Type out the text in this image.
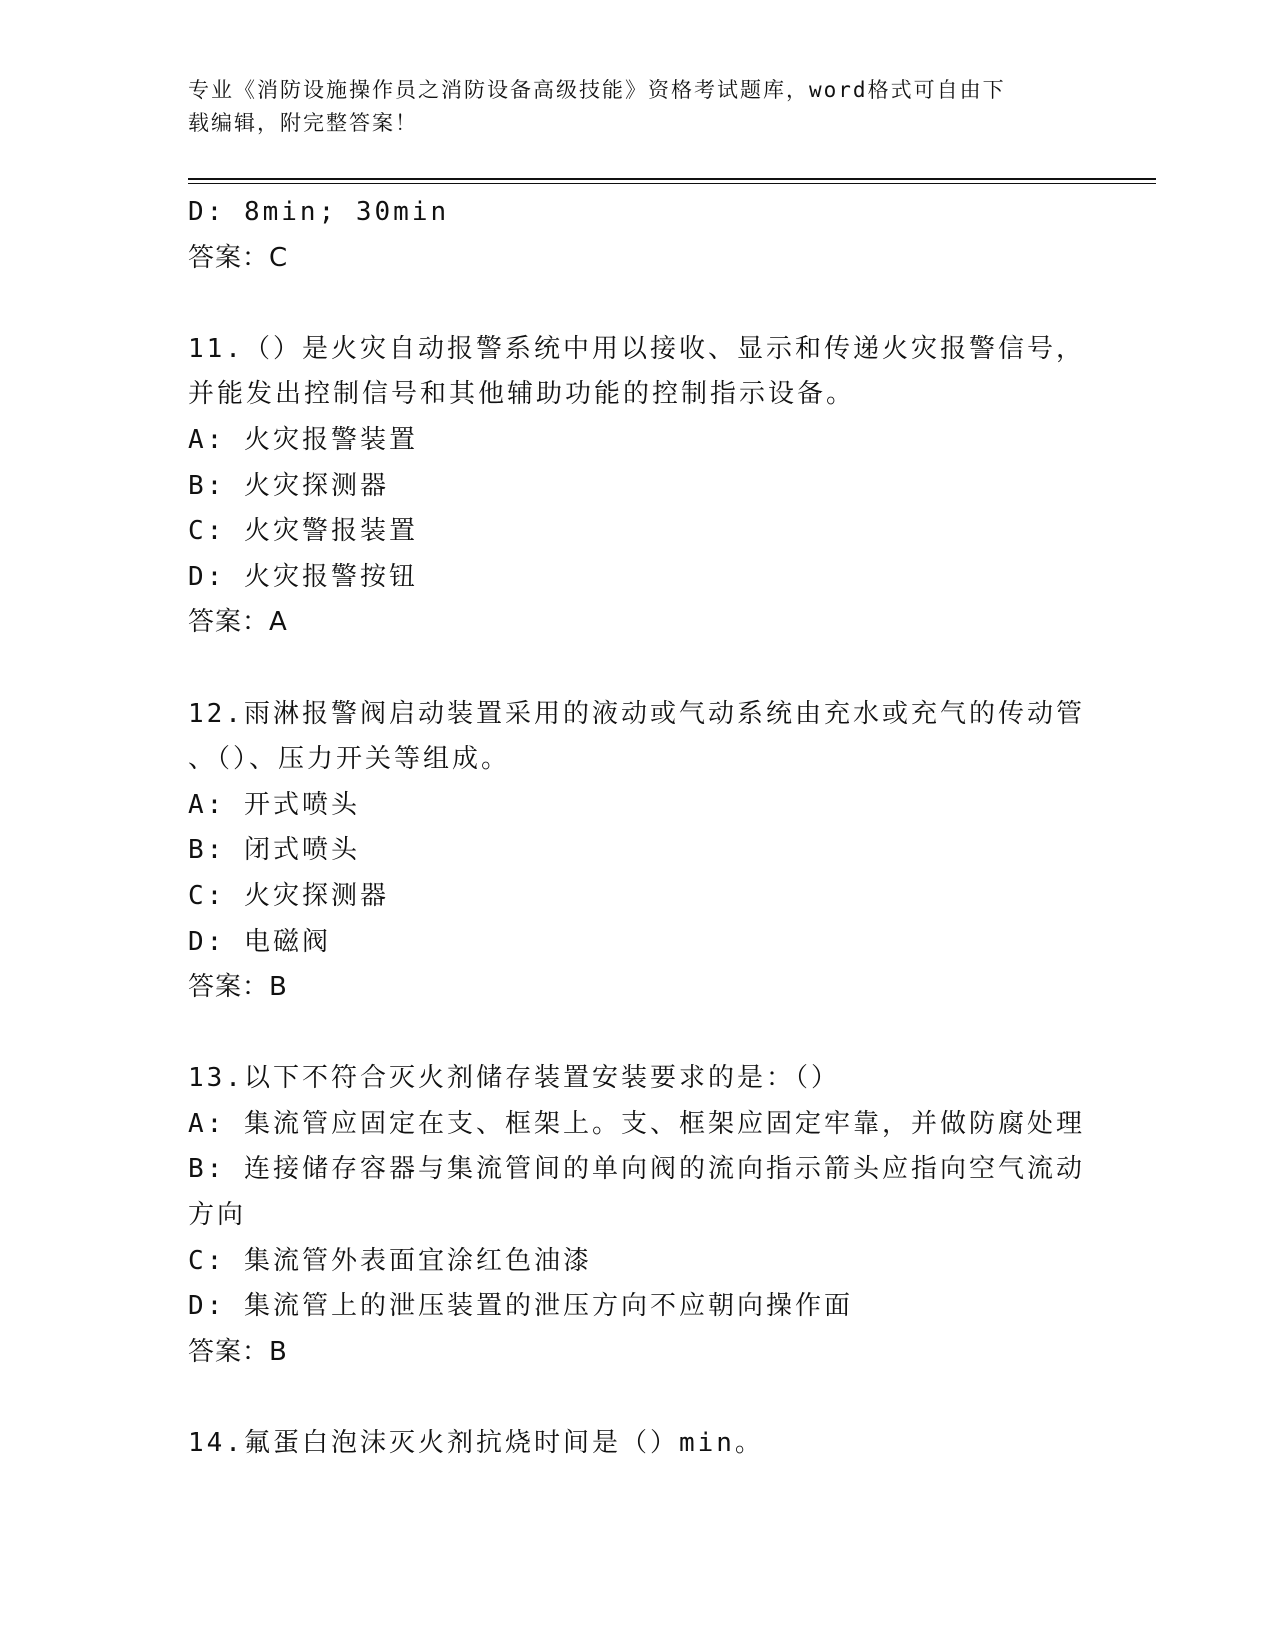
专业《消防设施操作员之消防设备高级技能》资格考试题库，word格式可自由下
载编辑，附完整答案！
D: 8min; 30min
答案：C
11.（）是火灾自动报警系统中用以接收、显示和传递火灾报警信号，
并能发出控制信号和其他辅助功能的控制指示设备。
A: 火灾报警装置
B: 火灾探测器
C: 火灾警报装置
D: 火灾报警按钮
答案：A
12.雨淋报警阀启动装置采用的液动或气动系统由充水或充气的传动管
、（）、压力开关等组成。
A: 开式喷头
B: 闭式喷头
C: 火灾探测器
D: 电磁阀
答案：B
13.以下不符合灭火剂储存装置安装要求的是：（）
A: 集流管应固定在支、框架上。支、框架应固定牢靠，并做防腐处理
B: 连接储存容器与集流管间的单向阀的流向指示箭头应指向空气流动
方向
C: 集流管外表面宜涂红色油漆
D: 集流管上的泄压装置的泄压方向不应朝向操作面
答案：B
14.氟蛋白泡沫灭火剂抗烧时间是（）min。
